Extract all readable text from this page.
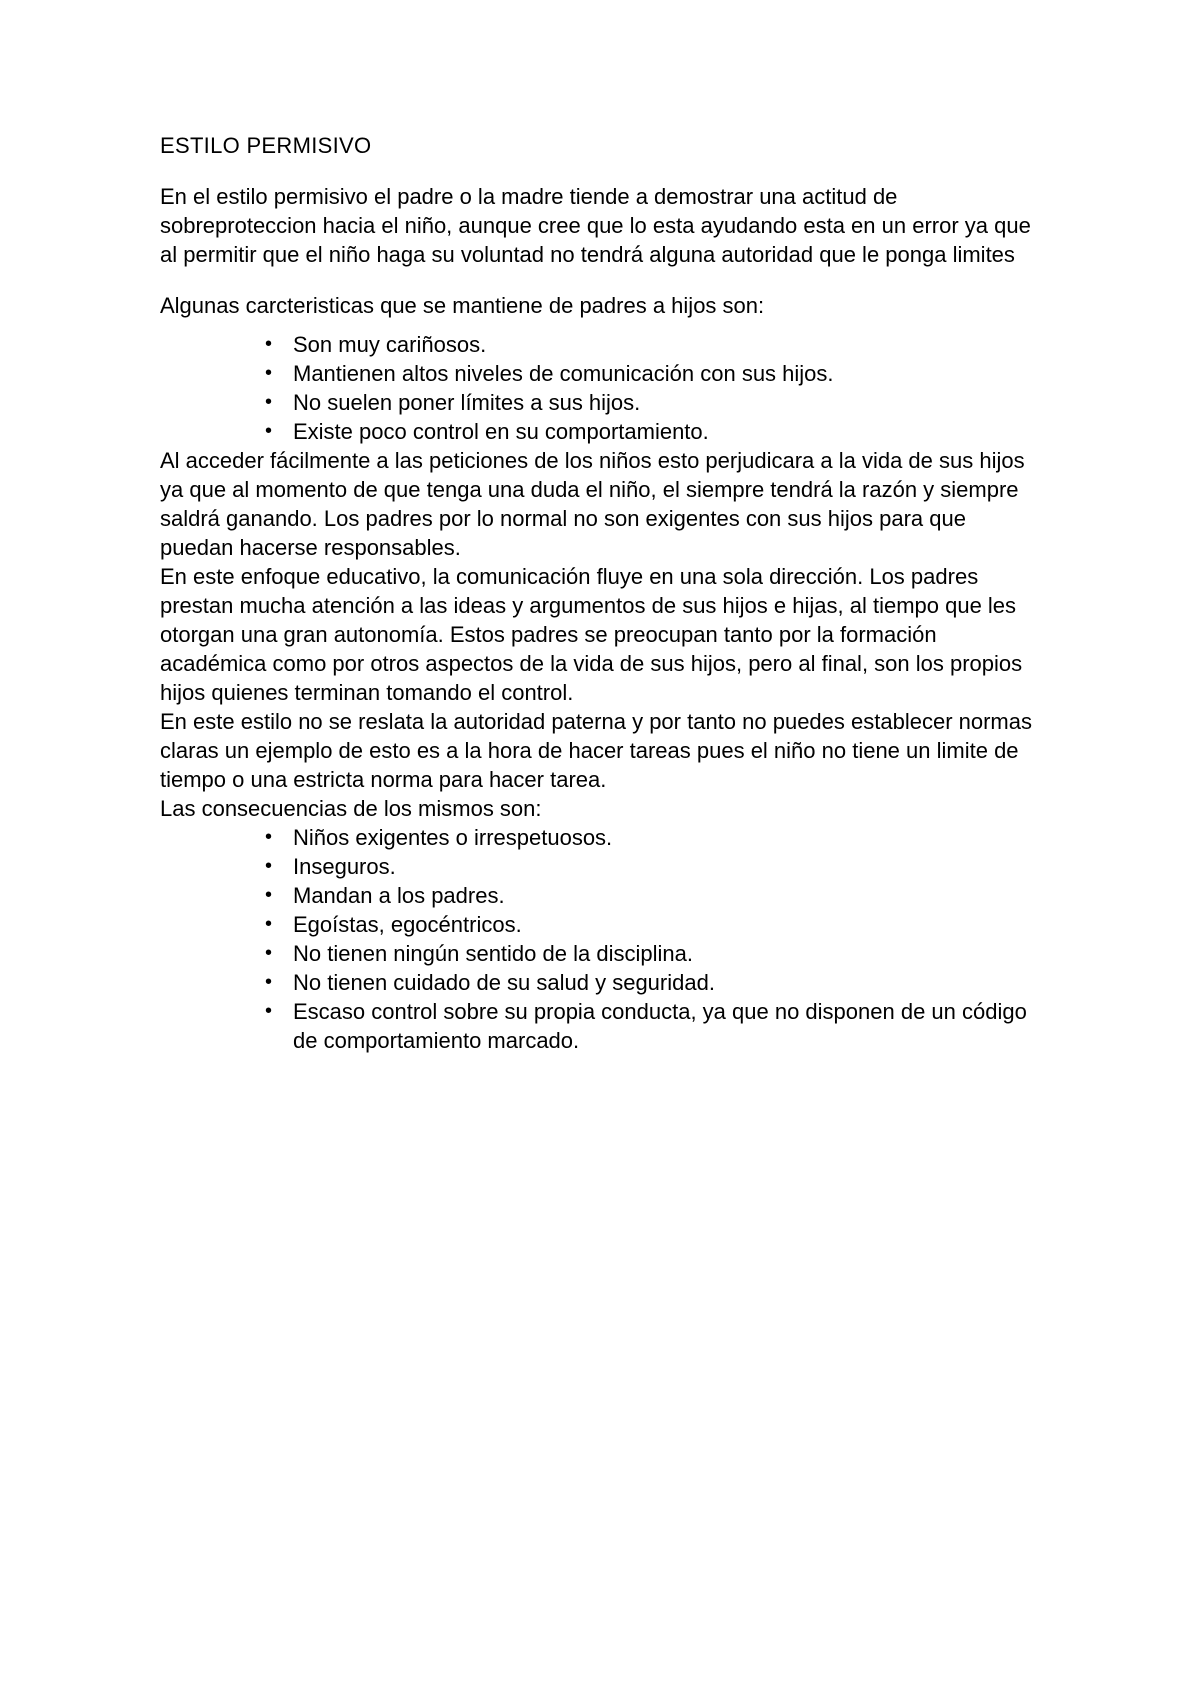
ESTILO PERMISIVO

En el estilo permisivo el padre o la madre tiende a demostrar una actitud de sobreproteccion hacia el niño, aunque cree que lo esta ayudando esta en un error ya que al permitir que el niño haga su voluntad no tendrá alguna autoridad que le ponga limites

Algunas carcteristicas que se mantiene de padres a hijos son:

• Son muy cariñosos.
• Mantienen altos niveles de comunicación con sus hijos.
• No suelen poner límites a sus hijos.
• Existe poco control en su comportamiento.

Al acceder fácilmente a las peticiones de los niños esto perjudicara a la vida de sus hijos ya que al momento de que tenga una duda el niño, el siempre tendrá la razón y siempre saldrá ganando. Los padres por lo normal no son exigentes con sus hijos para que puedan hacerse responsables.

En este enfoque educativo, la comunicación fluye en una sola dirección. Los padres prestan mucha atención a las ideas y argumentos de sus hijos e hijas, al tiempo que les otorgan una gran autonomía. Estos padres se preocupan tanto por la formación académica como por otros aspectos de la vida de sus hijos, pero al final, son los propios hijos quienes terminan tomando el control.

En este estilo no se reslata la autoridad paterna y por tanto no puedes establecer normas claras un ejemplo de esto es a la hora de hacer tareas pues el niño no tiene un limite de tiempo o una estricta norma para hacer tarea.

Las consecuencias de los mismos son:

• Niños exigentes o irrespetuosos.
• Inseguros.
• Mandan a los padres.
• Egoístas, egocéntricos.
• No tienen ningún sentido de la disciplina.
• No tienen cuidado de su salud y seguridad.
• Escaso control sobre su propia conducta, ya que no disponen de un código de comportamiento marcado.
